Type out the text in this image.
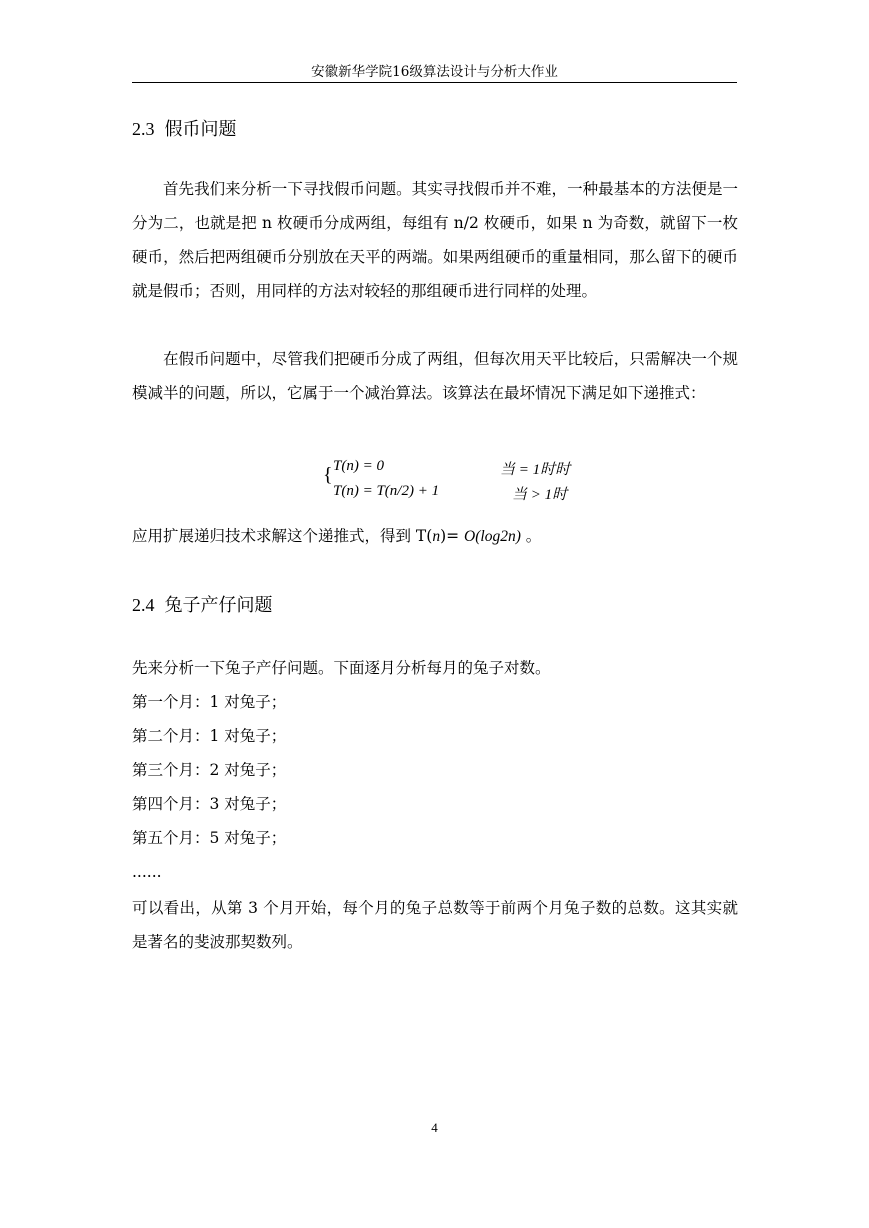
安徽新华学院16级算法设计与分析大作业
2.3 假币问题

首先我们来分析一下寻找假币问题。其实寻找假币并不难，一种最基本的方法便是一分为二，也就是把 n 枚硬币分成两组，每组有 n/2 枚硬币，如果 n 为奇数，就留下一枚硬币，然后把两组硬币分别放在天平的两端。如果两组硬币的重量相同，那么留下的硬币就是假币；否则，用同样的方法对较轻的那组硬币进行同样的处理。

在假币问题中，尽管我们把硬币分成了两组，但每次用天平比较后，只需解决一个规模减半的问题，所以，它属于一个减治算法。该算法在最坏情况下满足如下递推式：

{ T(n) = 0	当 = 1时时
T(n) = T(n/2) + 1	当 > 1时
应用扩展递归技术求解这个递推式，得到 T(n)= O(log2n) 。
2.4 兔子产仔问题
先来分析一下兔子产仔问题。下面逐月分析每月的兔子对数。
第一个月：1 对兔子；
第二个月：1 对兔子；
第三个月：2 对兔子；
第四个月：3 对兔子；
第五个月：5 对兔子；
......

可以看出，从第 3 个月开始，每个月的兔子总数等于前两个月兔子数的总数。这其实就是著名的斐波那契数列。

4
